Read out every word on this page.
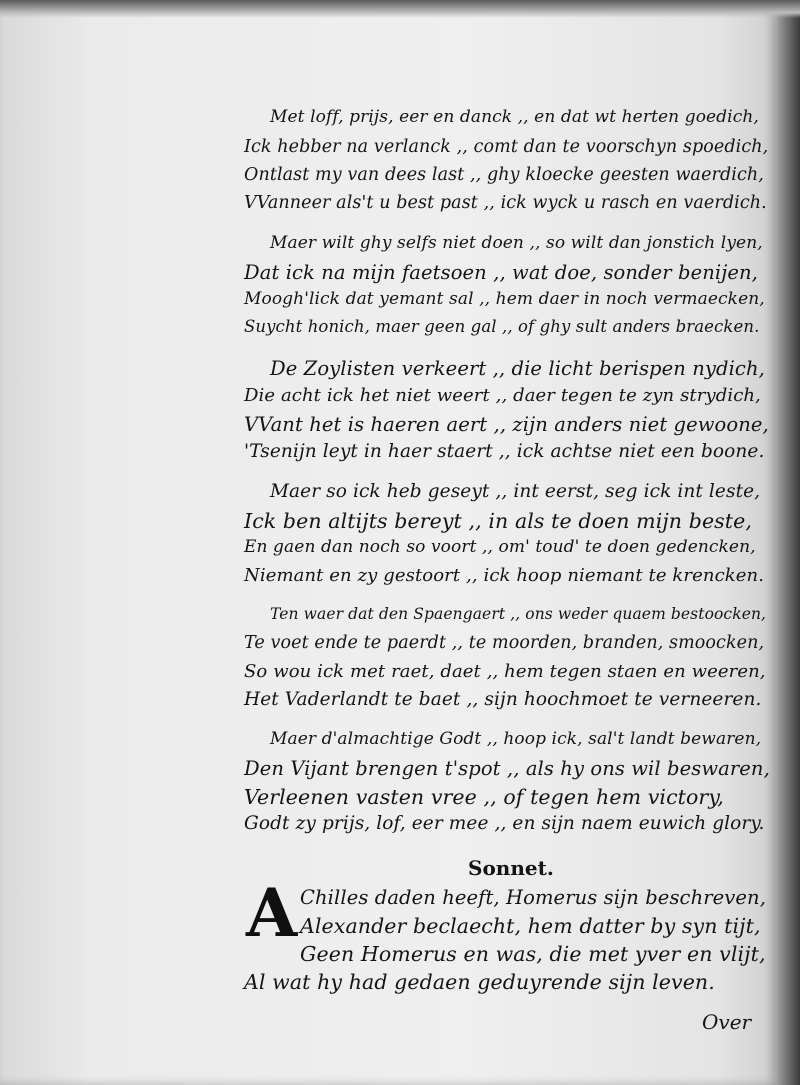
Met loff, prijs, eer en danck ,, en dat wt herten goedich,
Ick hebber na verlanck ,, comt dan te voorschyn spoedich,
Ontlast my van dees last ,, ghy kloecke geesten waerdich,
VVanneer als't u best past ,, ick wyck u rasch en vaerdich.
Maer wilt ghy selfs niet doen ,, so wilt dan jonstich lyen,
Dat ick na mijn faetsoen ,, wat doe, sonder benijen,
Moogh'lick dat yemant sal ,, hem daer in noch vermaecken,
Suycht honich, maer geen gal ,, of ghy sult anders braecken.
De Zoylisten verkeert ,, die licht berispen nydich,
Die acht ick het niet weert ,, daer tegen te zyn strydich,
VVant het is haeren aert ,, zijn anders niet gewoone,
'Tsenijn leyt in haer staert ,, ick achtse niet een boone.
Maer so ick heb geseyt ,, int eerst, seg ick int leste,
Ick ben altijts bereyt ,, in als te doen mijn beste,
En gaen dan noch so voort ,, om' toud' te doen gedencken,
Niemant en zy gestoort ,, ick hoop niemant te krencken.
Ten waer dat den Spaengaert ,, ons weder quaem bestoocken,
Te voet ende te paerdt ,, te moorden, branden, smoocken,
So wou ick met raet, daet ,, hem tegen staen en weeren,
Het Vaderlandt te baet ,, sijn hoochmoet te verneeren.
Maer d'almachtige Godt ,, hoop ick, sal't landt bewaren,
Den Vijant brengen t'spot ,, als hy ons wil beswaren,
Verleenen vasten vree ,, of tegen hem victory,
Godt zy prijs, lof, eer mee ,, en sijn naem euwich glory.
Sonnet.
A Chilles daden heeft, Homerus sijn beschreven,
Alexander beclaecht, hem datter by syn tijt,
Geen Homerus en was, die met yver en vlijt,
Al wat hy had gedaen geduyrende sijn leven.
Over
